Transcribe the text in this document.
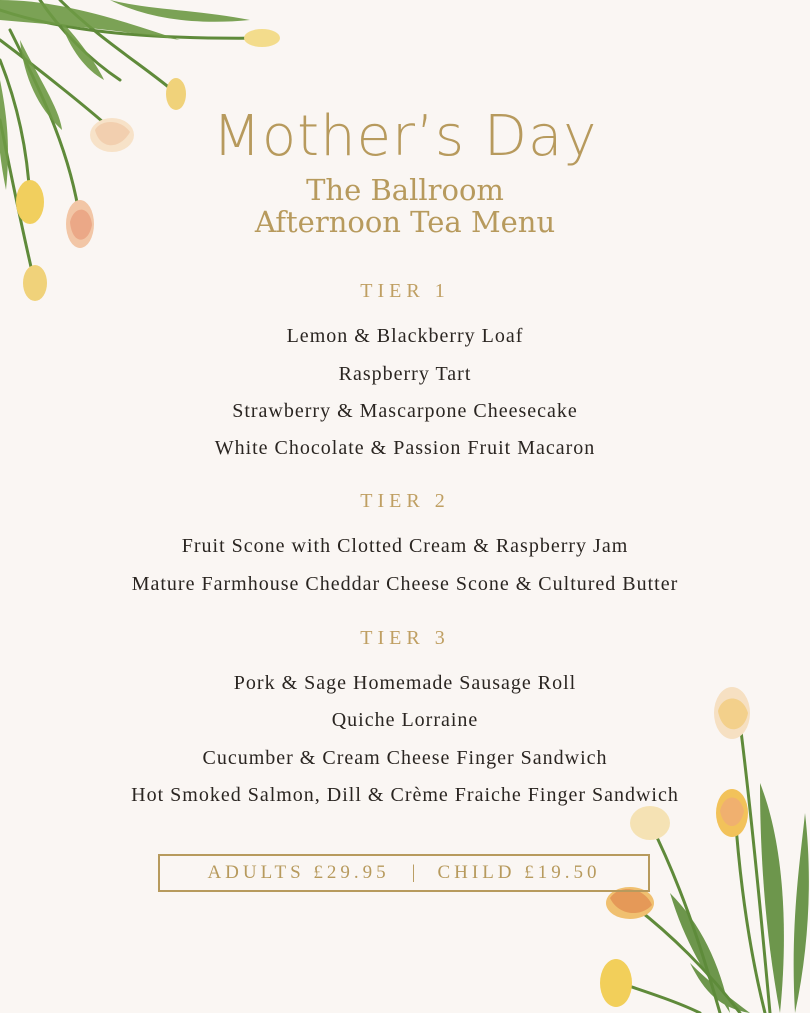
Mother’s Day
The Ballroom
Afternoon Tea Menu
TIER 1
Lemon & Blackberry Loaf
Raspberry Tart
Strawberry & Mascarpone Cheesecake
White Chocolate & Passion Fruit Macaron
TIER 2
Fruit Scone with Clotted Cream & Raspberry Jam
Mature Farmhouse Cheddar Cheese Scone & Cultured Butter
TIER 3
Pork & Sage Homemade Sausage Roll
Quiche Lorraine
Cucumber & Cream Cheese Finger Sandwich
Hot Smoked Salmon, Dill & Crème Fraiche Finger Sandwich
ADULTS £29.95 | CHILD £19.50
